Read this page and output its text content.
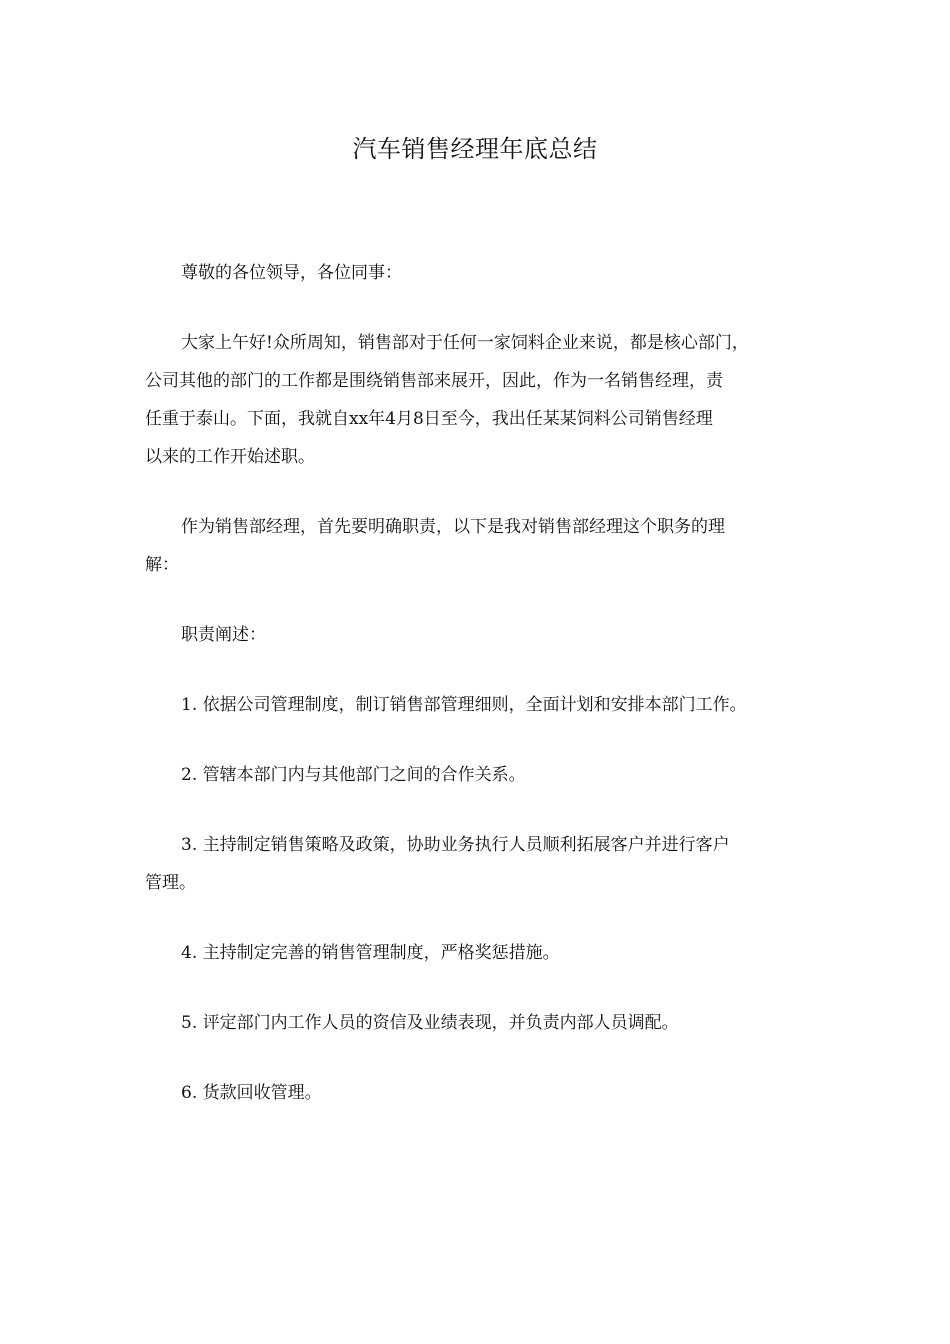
汽车销售经理年底总结

尊敬的各位领导，各位同事：

大家上午好!众所周知，销售部对于任何一家饲料企业来说，都是核心部门，
公司其他的部门的工作都是围绕销售部来展开，因此，作为一名销售经理，责
任重于泰山。下面，我就自xx年4月8日至今，我出任某某饲料公司销售经理
以来的工作开始述职。
作为销售部经理，首先要明确职责，以下是我对销售部经理这个职务的理
解：

职责阐述：

1. 依据公司管理制度，制订销售部管理细则，全面计划和安排本部门工作。

2. 管辖本部门内与其他部门之间的合作关系。

3. 主持制定销售策略及政策，协助业务执行人员顺利拓展客户并进行客户
管理。

4. 主持制定完善的销售管理制度，严格奖惩措施。

5. 评定部门内工作人员的资信及业绩表现，并负责内部人员调配。

6. 货款回收管理。
